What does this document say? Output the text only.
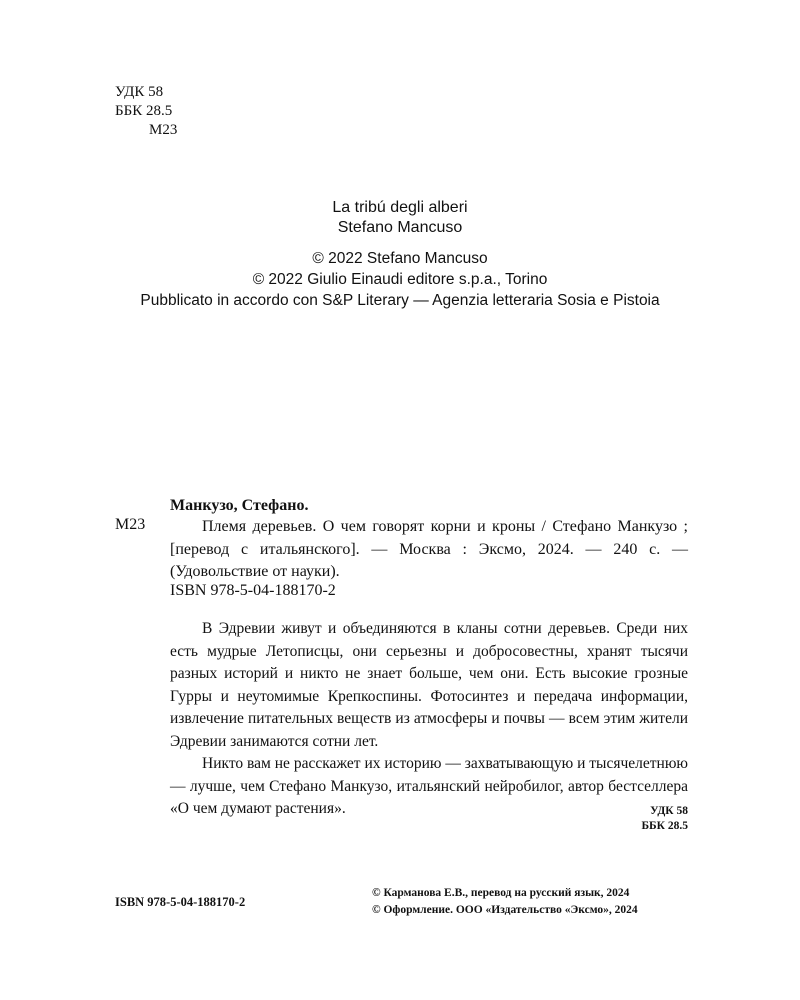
УДК 58
ББК 28.5
М23
La tribú degli alberi
Stefano Mancuso
© 2022 Stefano Mancuso
© 2022 Giulio Einaudi editore s.p.a., Torino
Pubblicato in accordo con S&P Literary — Agenzia letteraria Sosia e Pistoia
Манкузо, Стефано.
М23	Племя деревьев. О чем говорят корни и кроны / Стефано Манкузо ; [перевод с итальянского]. — Москва : Эксмо, 2024. — 240 с. — (Удовольствие от науки).

ISBN 978-5-04-188170-2

В Эдревии живут и объединяются в кланы сотни деревьев. Среди них есть мудрые Летописцы, они серьезны и добросовестны, хранят тысячи разных историй и никто не знает больше, чем они. Есть высокие грозные Гурры и неутомимые Крепкоспины. Фотосинтез и передача информации, извлечение питательных веществ из атмосферы и почвы — всем этим жители Эдревии занимаются сотни лет.

Никто вам не расскажет их историю — захватывающую и тысячелетнюю — лучше, чем Стефано Манкузо, итальянский нейробилог, автор бестселлера «О чем думают растения».	УДК 58
ББК 28.5
ISBN 978-5-04-188170-2
© Карманова Е.В., перевод на русский язык, 2024
© Оформление. ООО «Издательство «Эксмо», 2024
